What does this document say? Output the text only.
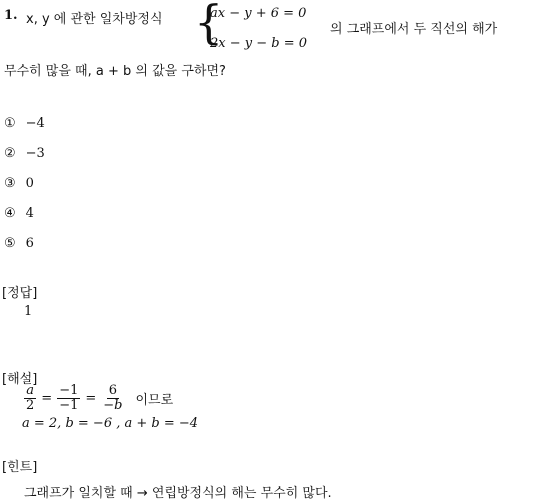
1. x, y 에 관한 일차방정식 {
ax − y + 6 = 0
2x − y − b = 0
의 그래프에서 두 직선의 해가
무수히 많을 때, a + b 의 값을 구하면?
① −4
② −3
③ 0
④ 4
⑤ 6
[정답]
1
[해설]
$\frac{a}{2} = \frac{-1}{-1} = \frac{6}{-b}$ 이므로
a = 2, b = −6 , a + b = −4
[힌트]
그래프가 일치할 때 → 연립방정식의 해는 무수히 많다.
